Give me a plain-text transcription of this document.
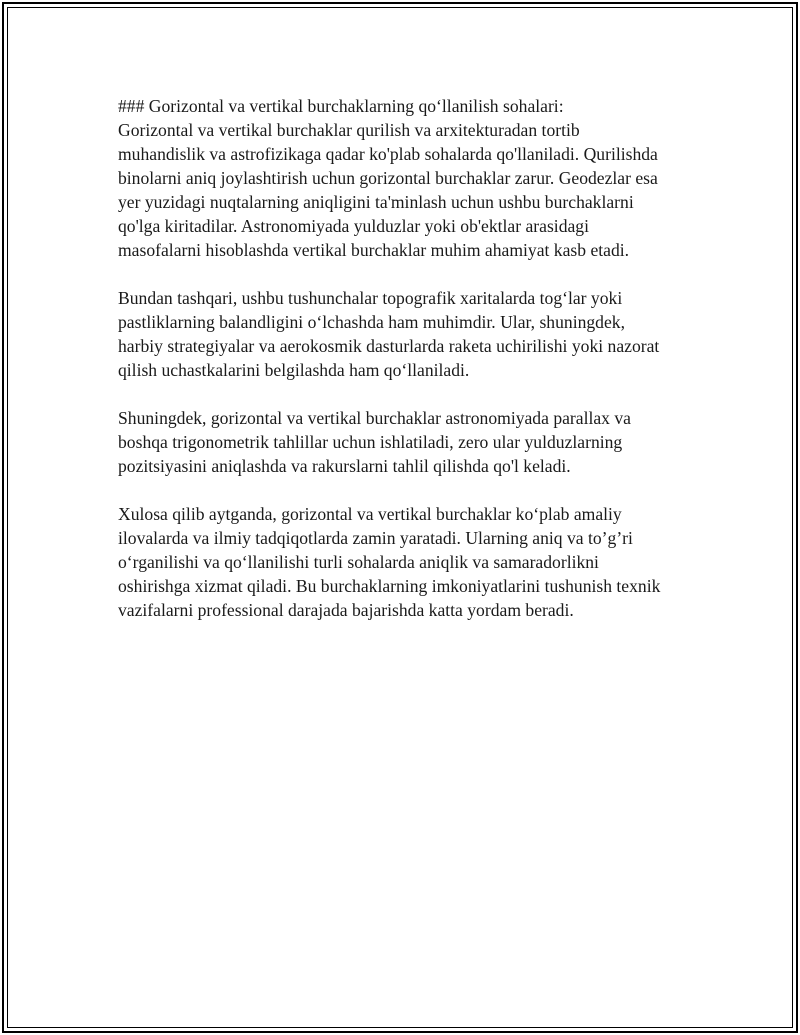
### Gorizontal va vertikal burchaklarning qo‘llanilish sohalari:
Gorizontal va vertikal burchaklar qurilish va arxitekturadan tortib
muhandislik va astrofizikaga qadar ko'plab sohalarda qo'llaniladi. Qurilishda
binolarni aniq joylashtirish uchun gorizontal burchaklar zarur. Geodezlar esa
yer yuzidagi nuqtalarning aniqligini ta'minlash uchun ushbu burchaklarni
qo'lga kiritadilar. Astronomiyada yulduzlar yoki ob'ektlar arasidagi
masofalarni hisoblashda vertikal burchaklar muhim ahamiyat kasb etadi.

Bundan tashqari, ushbu tushunchalar topografik xaritalarda tog‘lar yoki
pastliklarning balandligini o‘lchashda ham muhimdir. Ular, shuningdek,
harbiy strategiyalar va aerokosmik dasturlarda raketa uchirilishi yoki nazorat
qilish uchastkalarini belgilashda ham qo‘llaniladi.

Shuningdek, gorizontal va vertikal burchaklar astronomiyada parallax va
boshqa trigonometrik tahlillar uchun ishlatiladi, zero ular yulduzlarning
pozitsiyasini aniqlashda va rakurslarni tahlil qilishda qo'l keladi.

Xulosa qilib aytganda, gorizontal va vertikal burchaklar ko‘plab amaliy
ilovalarda va ilmiy tadqiqotlarda zamin yaratadi. Ularning aniq va to’g’ri
o‘rganilishi va qo‘llanilishi turli sohalarda aniqlik va samaradorlikni
oshirishga xizmat qiladi. Bu burchaklarning imkoniyatlarini tushunish texnik
vazifalarni professional darajada bajarishda katta yordam beradi.
